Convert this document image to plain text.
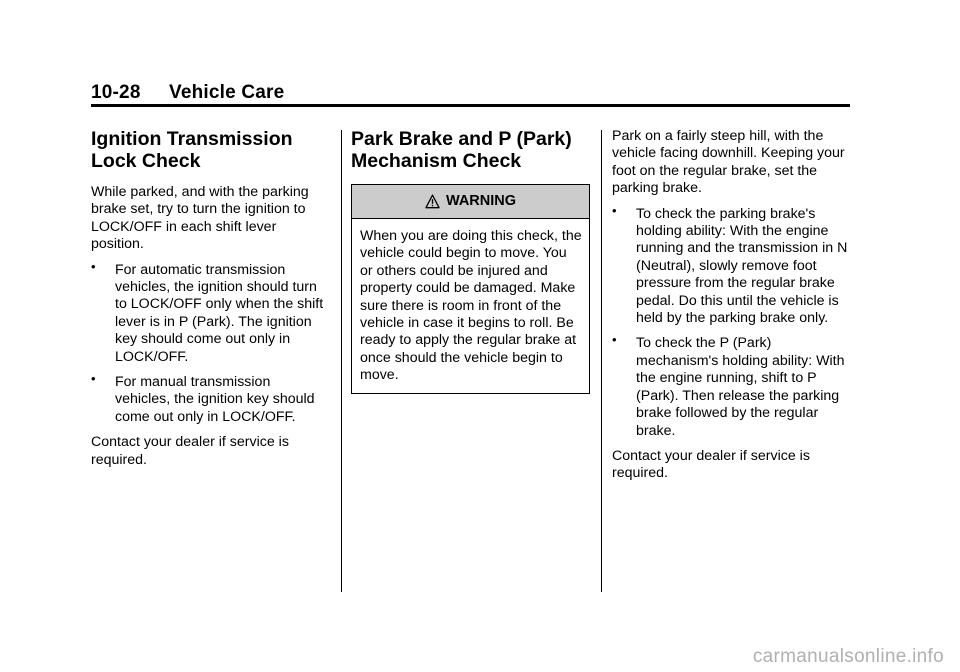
10-28 Vehicle Care
Ignition Transmission Lock Check

While parked, and with the parking brake set, try to turn the ignition to LOCK/OFF in each shift lever position.

• For automatic transmission vehicles, the ignition should turn to LOCK/OFF only when the shift lever is in P (Park). The ignition key should come out only in LOCK/OFF.
• For manual transmission vehicles, the ignition key should come out only in LOCK/OFF.

Contact your dealer if service is required.

Park Brake and P (Park) Mechanism Check
WARNING
When you are doing this check, the vehicle could begin to move. You or others could be injured and property could be damaged. Make sure there is room in front of the vehicle in case it begins to roll. Be ready to apply the regular brake at once should the vehicle begin to move.

Park on a fairly steep hill, with the vehicle facing downhill. Keeping your foot on the regular brake, set the parking brake.

• To check the parking brake's holding ability: With the engine running and the transmission in N (Neutral), slowly remove foot pressure from the regular brake pedal. Do this until the vehicle is held by the parking brake only.
• To check the P (Park) mechanism's holding ability: With the engine running, shift to P (Park). Then release the parking brake followed by the regular brake.

Contact your dealer if service is required.

carmanualsonline.info
